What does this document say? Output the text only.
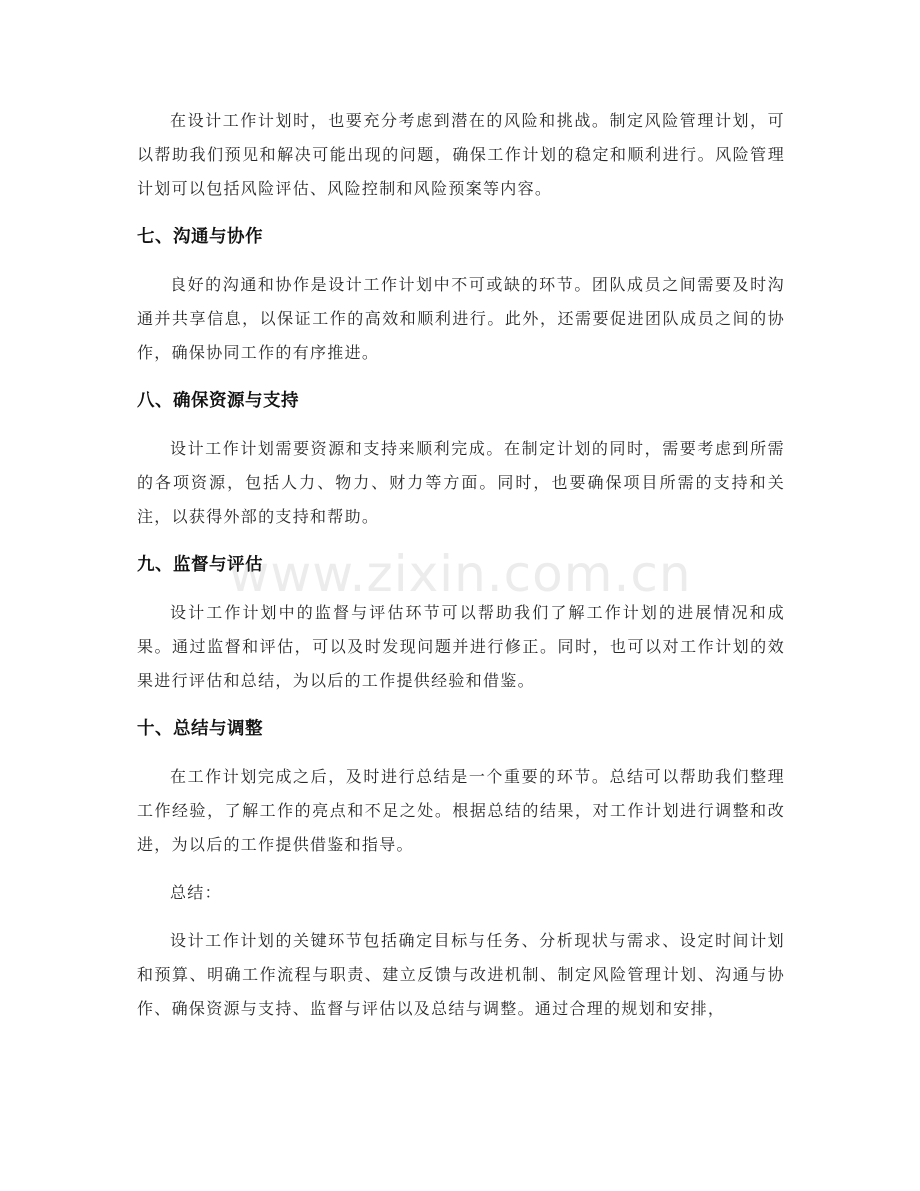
在设计工作计划时，也要充分考虑到潜在的风险和挑战。制定风险管理计划，可以帮助我们预见和解决可能出现的问题，确保工作计划的稳定和顺利进行。风险管理计划可以包括风险评估、风险控制和风险预案等内容。

七、沟通与协作

良好的沟通和协作是设计工作计划中不可或缺的环节。团队成员之间需要及时沟通并共享信息，以保证工作的高效和顺利进行。此外，还需要促进团队成员之间的协作，确保协同工作的有序推进。

八、确保资源与支持

设计工作计划需要资源和支持来顺利完成。在制定计划的同时，需要考虑到所需的各项资源，包括人力、物力、财力等方面。同时，也要确保项目所需的支持和关注，以获得外部的支持和帮助。

九、监督与评估

设计工作计划中的监督与评估环节可以帮助我们了解工作计划的进展情况和成果。通过监督和评估，可以及时发现问题并进行修正。同时，也可以对工作计划的效果进行评估和总结，为以后的工作提供经验和借鉴。

十、总结与调整

在工作计划完成之后，及时进行总结是一个重要的环节。总结可以帮助我们整理工作经验，了解工作的亮点和不足之处。根据总结的结果，对工作计划进行调整和改进，为以后的工作提供借鉴和指导。

总结：

设计工作计划的关键环节包括确定目标与任务、分析现状与需求、设定时间计划和预算、明确工作流程与职责、建立反馈与改进机制、制定风险管理计划、沟通与协作、确保资源与支持、监督与评估以及总结与调整。通过合理的规划和安排，

www.zixin.com.cn
